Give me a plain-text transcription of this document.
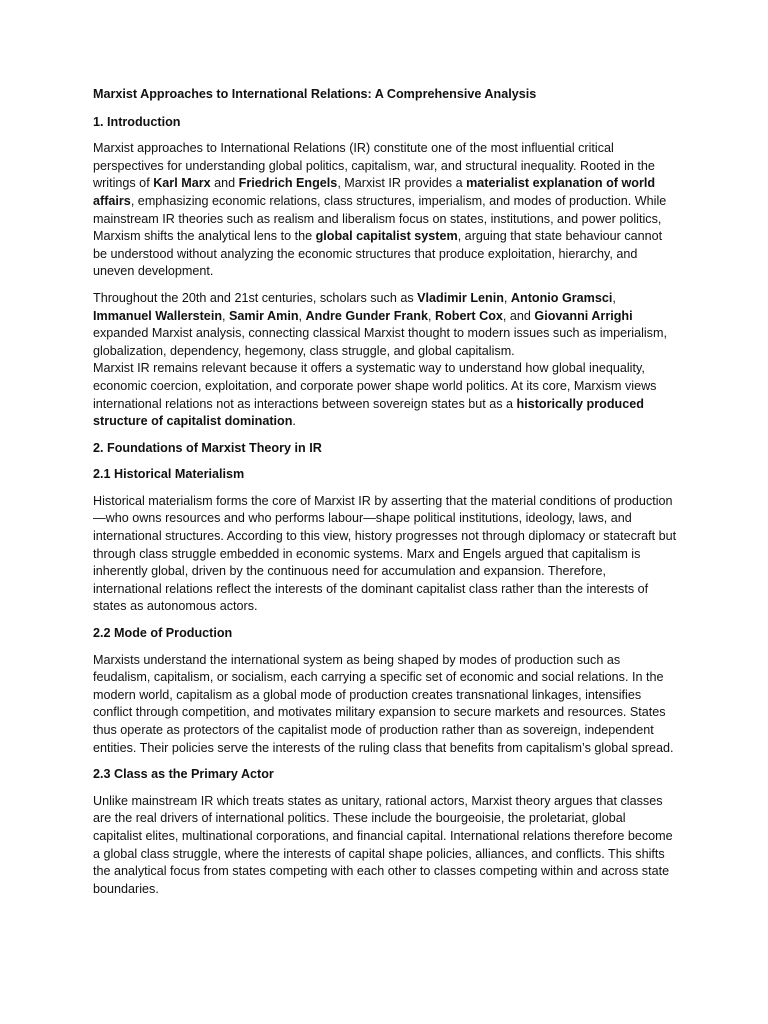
Marxist Approaches to International Relations: A Comprehensive Analysis
1. Introduction
Marxist approaches to International Relations (IR) constitute one of the most influential critical perspectives for understanding global politics, capitalism, war, and structural inequality. Rooted in the writings of Karl Marx and Friedrich Engels, Marxist IR provides a materialist explanation of world affairs, emphasizing economic relations, class structures, imperialism, and modes of production. While mainstream IR theories such as realism and liberalism focus on states, institutions, and power politics, Marxism shifts the analytical lens to the global capitalist system, arguing that state behaviour cannot be understood without analyzing the economic structures that produce exploitation, hierarchy, and uneven development.
Throughout the 20th and 21st centuries, scholars such as Vladimir Lenin, Antonio Gramsci, Immanuel Wallerstein, Samir Amin, Andre Gunder Frank, Robert Cox, and Giovanni Arrighi expanded Marxist analysis, connecting classical Marxist thought to modern issues such as imperialism, globalization, dependency, hegemony, class struggle, and global capitalism.
Marxist IR remains relevant because it offers a systematic way to understand how global inequality, economic coercion, exploitation, and corporate power shape world politics. At its core, Marxism views international relations not as interactions between sovereign states but as a historically produced structure of capitalist domination.
2. Foundations of Marxist Theory in IR
2.1 Historical Materialism
Historical materialism forms the core of Marxist IR by asserting that the material conditions of production—who owns resources and who performs labour—shape political institutions, ideology, laws, and international structures. According to this view, history progresses not through diplomacy or statecraft but through class struggle embedded in economic systems. Marx and Engels argued that capitalism is inherently global, driven by the continuous need for accumulation and expansion. Therefore, international relations reflect the interests of the dominant capitalist class rather than the interests of states as autonomous actors.
2.2 Mode of Production
Marxists understand the international system as being shaped by modes of production such as feudalism, capitalism, or socialism, each carrying a specific set of economic and social relations. In the modern world, capitalism as a global mode of production creates transnational linkages, intensifies conflict through competition, and motivates military expansion to secure markets and resources. States thus operate as protectors of the capitalist mode of production rather than as sovereign, independent entities. Their policies serve the interests of the ruling class that benefits from capitalism’s global spread.
2.3 Class as the Primary Actor
Unlike mainstream IR which treats states as unitary, rational actors, Marxist theory argues that classes are the real drivers of international politics. These include the bourgeoisie, the proletariat, global capitalist elites, multinational corporations, and financial capital. International relations therefore become a global class struggle, where the interests of capital shape policies, alliances, and conflicts. This shifts the analytical focus from states competing with each other to classes competing within and across state boundaries.
